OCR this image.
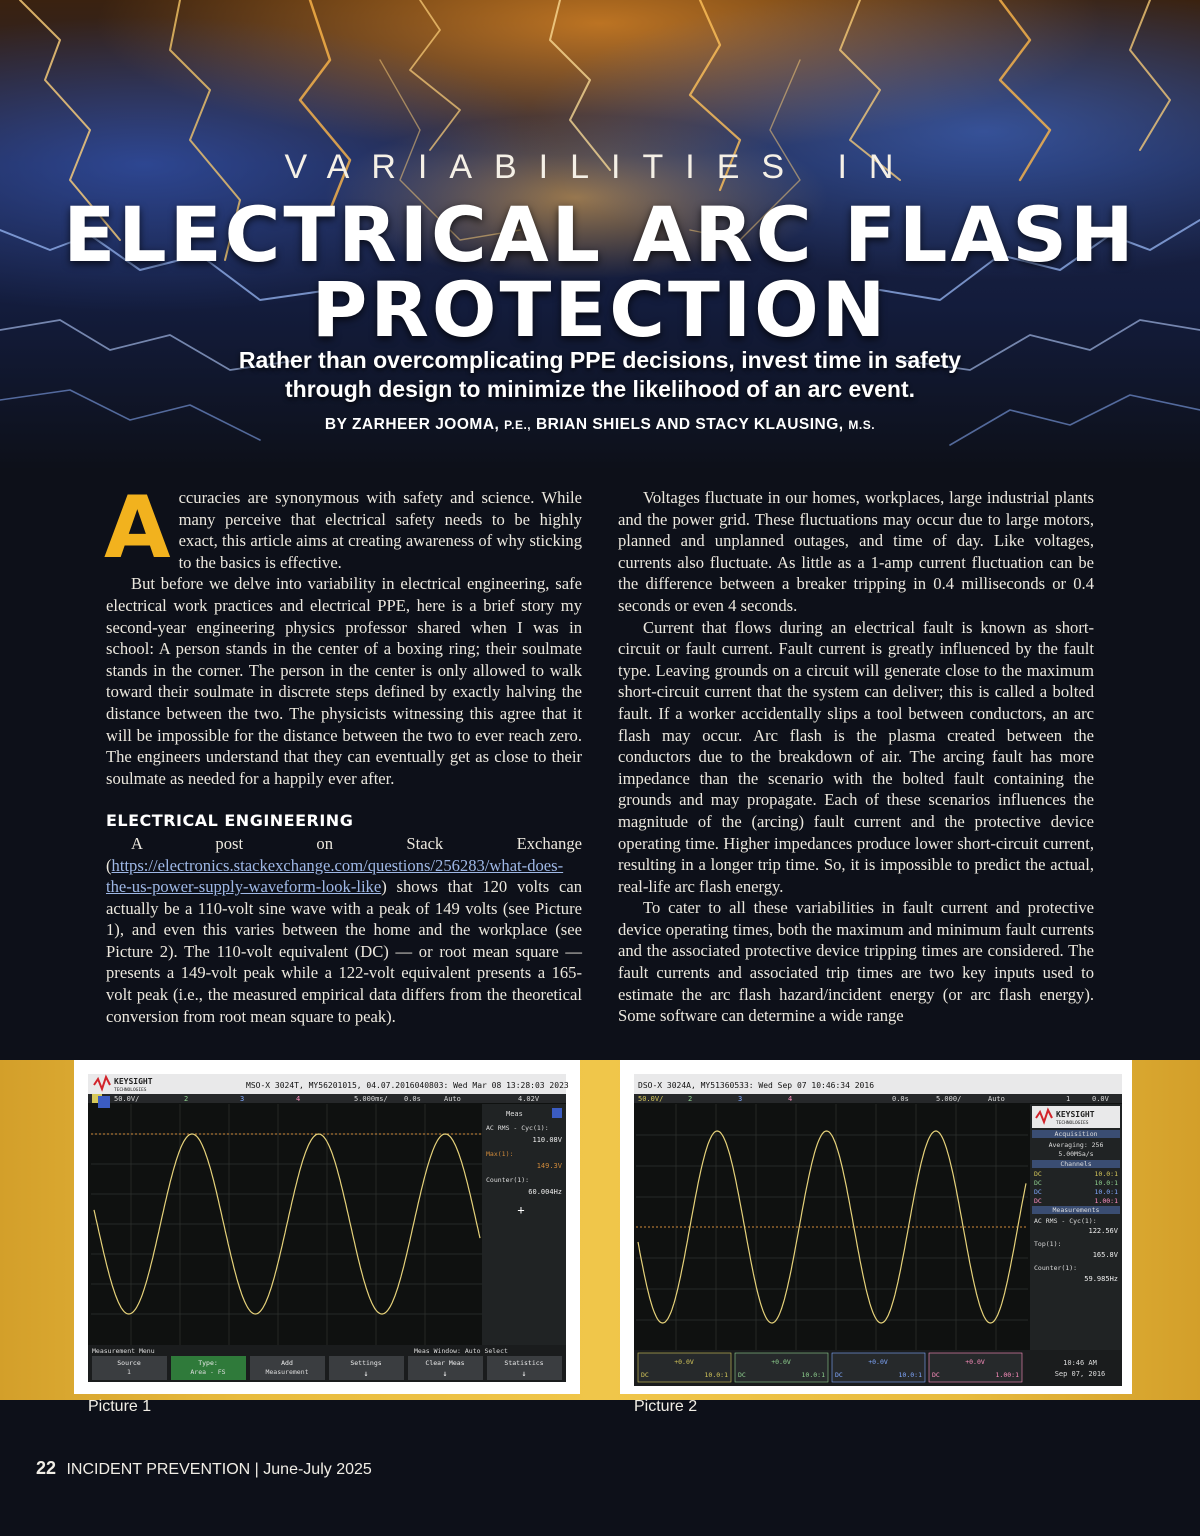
VARIABILITIES IN
ELECTRICAL ARC FLASH
PROTECTION
Rather than overcomplicating PPE decisions, invest time in safety
through design to minimize the likelihood of an arc event.
BY ZARHEER JOOMA, P.E., BRIAN SHIELS AND STACY KLAUSING, M.S.

Accuracies are synonymous with safety and science. While many perceive that electrical safety needs to be highly exact, this article aims at creating awareness of why sticking to the basics is effective.

But before we delve into variability in electrical engineering, safe electrical work practices and electrical PPE, here is a brief story my second-year engineering physics professor shared when I was in school: A person stands in the center of a boxing ring; their soulmate stands in the corner. The person in the center is only allowed to walk toward their soulmate in discrete steps defined by exactly halving the distance between the two. The physicists witnessing this agree that it will be impossible for the distance between the two to ever reach zero. The engineers understand that they can eventually get as close to their soulmate as needed for a happily ever after.

ELECTRICAL ENGINEERING

A post on Stack Exchange (https://electronics.stackexchange.com/questions/256283/what-does-the-us-power-supply-waveform-look-like) shows that 120 volts can actually be a 110-volt sine wave with a peak of 149 volts (see Picture 1), and even this varies between the home and the workplace (see Picture 2). The 110-volt equivalent (DC) — or root mean square — presents a 149-volt peak while a 122-volt equivalent presents a 165-volt peak (i.e., the measured empirical data differs from the theoretical conversion from root mean square to peak).

Voltages fluctuate in our homes, workplaces, large industrial plants and the power grid. These fluctuations may occur due to large motors, planned and unplanned outages, and time of day. Like voltages, currents also fluctuate. As little as a 1-amp current fluctuation can be the difference between a breaker tripping in 0.4 milliseconds or 0.4 seconds or even 4 seconds.

Current that flows during an electrical fault is known as short-circuit or fault current. Fault current is greatly influenced by the fault type. Leaving grounds on a circuit will generate close to the maximum short-circuit current that the system can deliver; this is called a bolted fault. If a worker accidentally slips a tool between conductors, an arc flash may occur. Arc flash is the plasma created between the conductors due to the breakdown of air. The arcing fault has more impedance than the scenario with the bolted fault containing the grounds and may propagate. Each of these scenarios influences the magnitude of the (arcing) fault current and the protective device operating time. Higher impedances produce lower short-circuit current, resulting in a longer trip time. So, it is impossible to predict the actual, real-life arc flash energy.

To cater to all these variabilities in fault current and protective device operating times, both the maximum and minimum fault currents and the associated protective device tripping times are considered. The fault currents and associated trip times are two key inputs used to estimate the arc flash hazard/incident energy (or arc flash energy). Some software can determine a wide range

KEYSIGHT
TECHNOLOGIES
MSO-X 3024T, MY56201015, 04.07.2016040803: Wed Mar 08 13:28:03 2023
50.0V/	2	3	4	5.000ms/ 0.0s	Auto	4.02V
Meas
AC RMS - Cyc(1):
110.08V
Max(1):
149.3V
Counter(1):
60.004Hz
+
Measurement Menu	Meas Window: Auto Select
Source
1
Type:
Area - FS
Add
Measurement
Settings
↓
Clear Meas
↓
Statistics
↓
Picture 1
DSO-X 3024A, MY51360533: Wed Sep 07 10:46:34 2016
50.0V/	2	3	4	0.0s	5.000/	Auto	1	0.0V
KEYSIGHT
TECHNOLOGIES
Acquisition
Averaging: 256
5.00MSa/s
Channels
DC	10.0:1
DC	10.0:1
DC	10.0:1
DC	1.00:1
Measurements
AC RMS - Cyc(1):
122.56V
Top(1):
165.8V
Counter(1):
59.985Hz
+0.0V
DC	10.0:1
+0.0V
DC	10.0:1
+0.0V
DC	10.0:1
+0.0V
DC	1.00:1
10:46 AM
Sep 07, 2016
Picture 2
22 INCIDENT PREVENTION | June-July 2025
